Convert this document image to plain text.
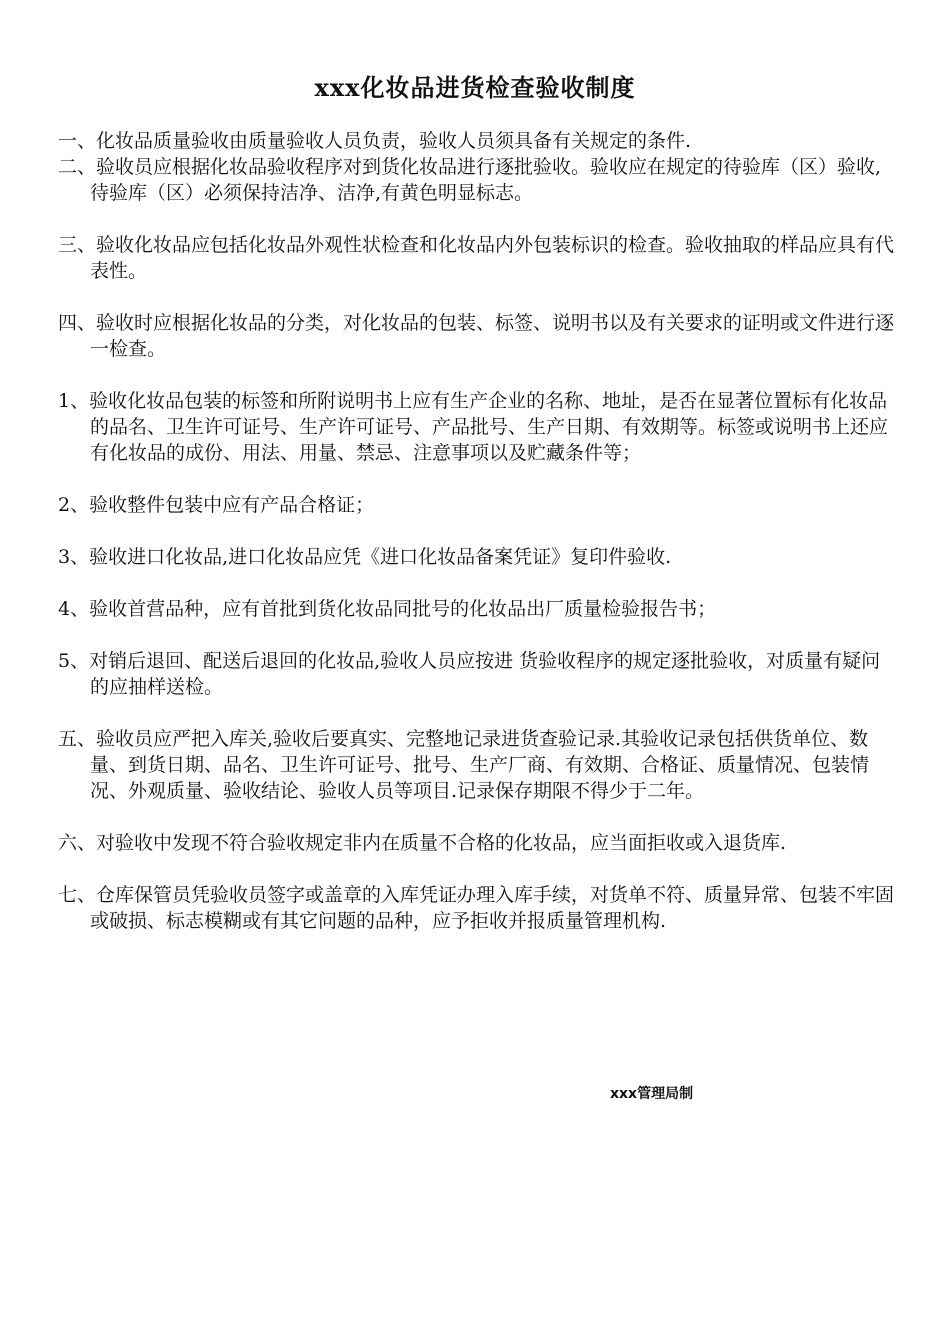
xxx化妆品进货检查验收制度

一、化妆品质量验收由质量验收人员负责，验收人员须具备有关规定的条件.

二、验收员应根据化妆品验收程序对到货化妆品进行逐批验收。验收应在规定的待验库（区）验收,待验库（区）必须保持洁净、洁净,有黄色明显标志。

三、验收化妆品应包括化妆品外观性状检查和化妆品内外包装标识的检查。验收抽取的样品应具有代表性。

四、验收时应根据化妆品的分类，对化妆品的包装、标签、说明书以及有关要求的证明或文件进行逐一检查。

1、验收化妆品包装的标签和所附说明书上应有生产企业的名称、地址，是否在显著位置标有化妆品的品名、卫生许可证号、生产许可证号、产品批号、生产日期、有效期等。标签或说明书上还应有化妆品的成份、用法、用量、禁忌、注意事项以及贮藏条件等；

2、验收整件包装中应有产品合格证；

3、验收进口化妆品,进口化妆品应凭《进口化妆品备案凭证》复印件验收.

4、验收首营品种，应有首批到货化妆品同批号的化妆品出厂质量检验报告书；

5、对销后退回、配送后退回的化妆品,验收人员应按进 货验收程序的规定逐批验收，对质量有疑问的应抽样送检。

五、验收员应严把入库关,验收后要真实、完整地记录进货查验记录.其验收记录包括供货单位、数量、到货日期、品名、卫生许可证号、批号、生产厂商、有效期、合格证、质量情况、包装情况、外观质量、验收结论、验收人员等项目.记录保存期限不得少于二年。

六、对验收中发现不符合验收规定非内在质量不合格的化妆品，应当面拒收或入退货库.

七、仓库保管员凭验收员签字或盖章的入库凭证办理入库手续，对货单不符、质量异常、包装不牢固或破损、标志模糊或有其它问题的品种，应予拒收并报质量管理机构.

xxx管理局制
